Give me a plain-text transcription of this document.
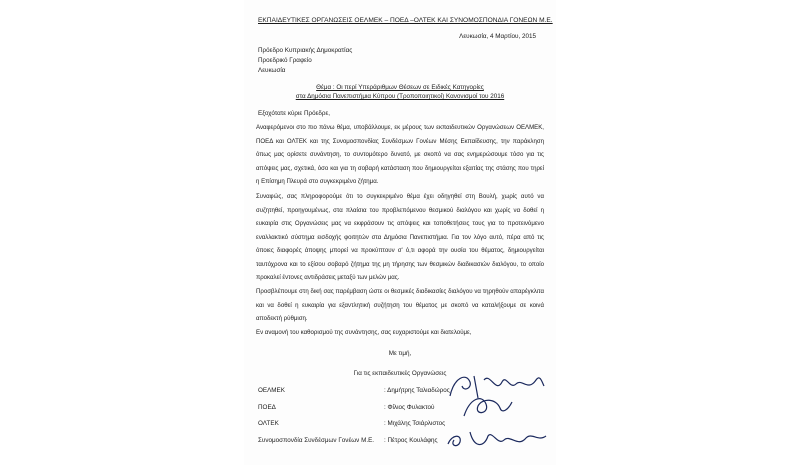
ΕΚΠΑΙΔΕΥΤΙΚΕΣ ΟΡΓΑΝΩΣΕΙΣ ΟΕΛΜΕΚ – ΠΟΕΔ –ΟΛΤΕΚ ΚΑΙ ΣΥΝΟΜΟΣΠΟΝΔΙΑ ΓΟΝΕΩΝ Μ.Ε.
Λευκωσία, 4 Μαρτίου, 2015
Πρόεδρο Κυπριακής Δημοκρατίας
Προεδρικό Γραφείο
Λευκωσία
Θέμα : Οι περί Υπεράριθμων Θέσεων σε Ειδικές Κατηγορίες
στα Δημόσια Πανεπιστήμια Κύπρου (Τροποποιητικοί) Κανονισμοί του 2016
Εξοχότατε κύριε Πρόεδρε,
Αναφερόμενοι στο πιο πάνω θέμα, υποβάλλουμε, εκ μέρους των εκπαιδευτικών Οργανώσεων ΟΕΛΜΕΚ, ΠΟΕΔ και ΟΛΤΕΚ και της Συνομοσπονδίας Συνδέσμων Γονέων Μέσης Εκπαίδευσης, την παράκληση όπως μας ορίσετε συνάντηση, το συντομότερο δυνατό, με σκοπό να σας ενημερώσουμε τόσο για τις απόψεις μας, σχετικά, όσο και για τη σοβαρή κατάσταση που δημιουργείται εξαιτίας της στάσης που τηρεί η Επίσημη Πλευρά στο συγκεκριμένο ζήτημα.
Συναφώς, σας πληροφορούμε ότι το συγκεκριμένο θέμα έχει οδηγηθεί στη Βουλή, χωρίς αυτό να συζητηθεί, προηγουμένως, στα πλαίσια του προβλεπόμενου θεσμικού διαλόγου και χωρίς να δοθεί η ευκαιρία στις Οργανώσεις μας να εκφράσουν τις απόψεις και τοποθετήσεις τους για το προτεινόμενο εναλλακτικό σύστημα εισδοχής φοιτητών στα Δημόσια Πανεπιστήμια. Για τον λόγο αυτό, πέρα από τις όποιες διαφορές άποψης μπορεί να προκύπτουν σ' ό,τι αφορά την ουσία του θέματος, δημιουργείται ταυτόχρονα και το εξίσου σοβαρό ζήτημα της μη τήρησης των θεσμικών διαδικασιών διαλόγου, το οποίο προκαλεί έντονες αντιδράσεις μεταξύ των μελών μας.
Προσβλέπουμε στη δική σας παρέμβαση ώστε οι θεσμικές διαδικασίες διαλόγου να τηρηθούν απαρέγκλιτα και να δοθεί η ευκαιρία για εξαντλητική συζήτηση του θέματος με σκοπό να καταλήξουμε σε κοινά αποδεκτή ρύθμιση.
Εν αναμονή του καθορισμού της συνάντησης, σας ευχαριστούμε και διατελούμε,
Με τιμή,
Για τις εκπαιδευτικές Οργανώσεις
ΟΕΛΜΕΚ	: Δημήτρης Ταλιαδώρος
ΠΟΕΔ	: Φίλιος Φυλακτού
ΟΛΤΕΚ	: Μιχάλης Τσιάρλιστος
Συνομοσπονδία Συνδέσμων Γονέων Μ.Ε. : Πέτρος Κουλάφης
